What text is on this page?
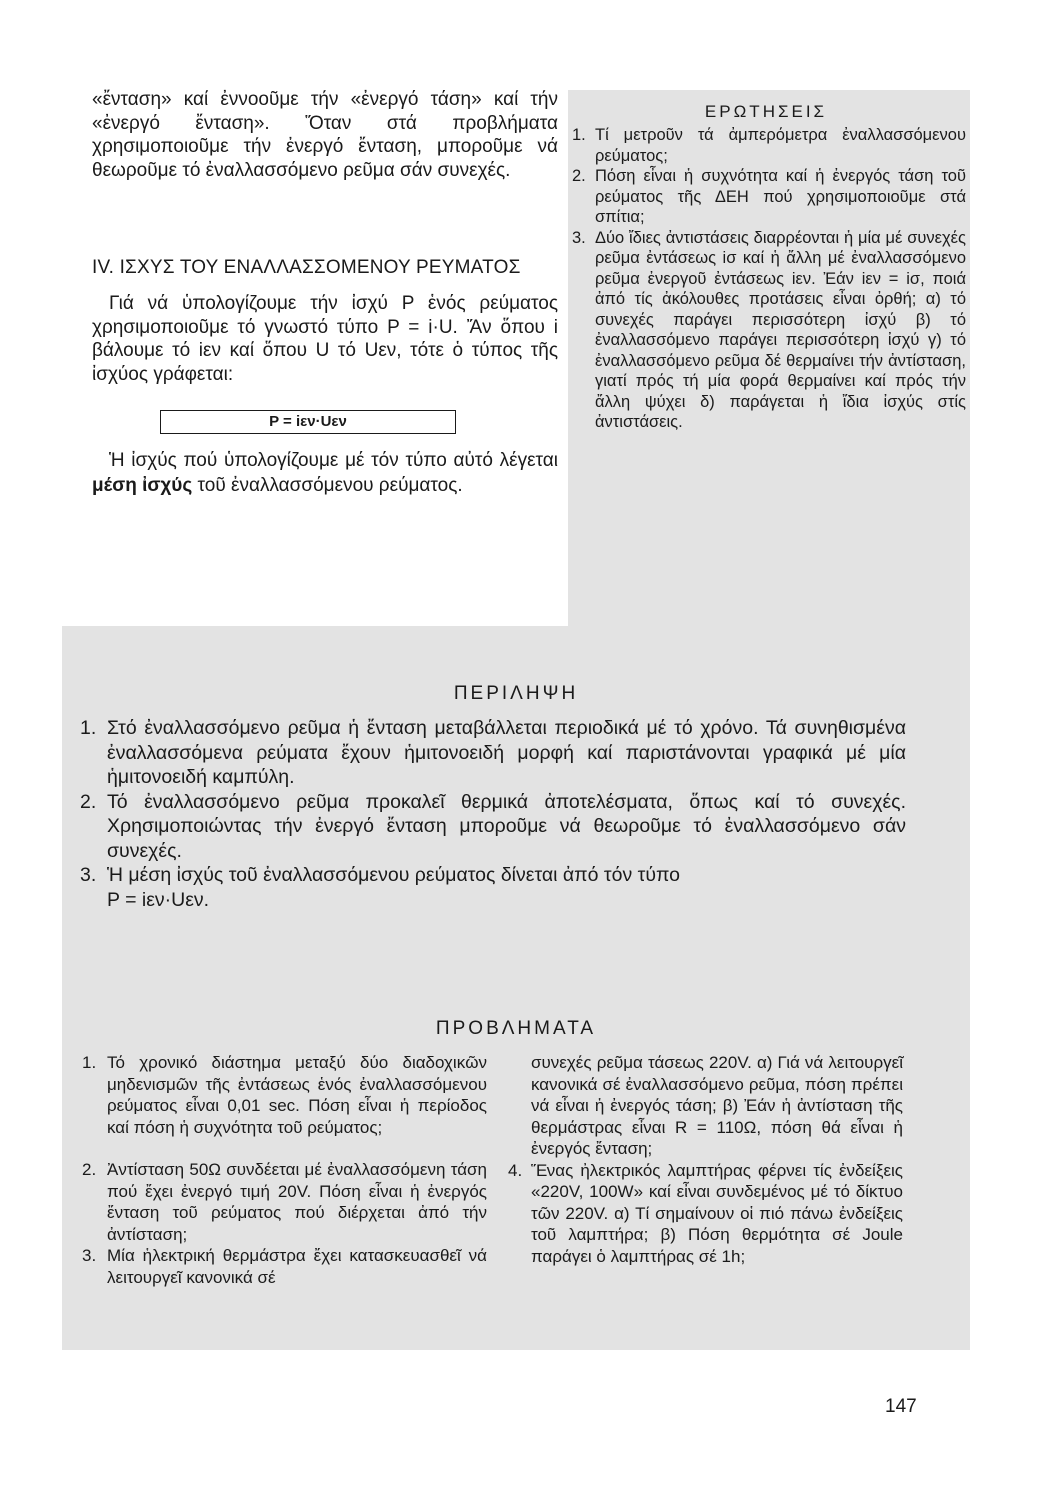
«ἔνταση» καί ἐννοοῦμε τήν «ἐνεργό τάση» καί τήν «ἐνεργό ἔνταση». Ὅταν στά προβλήματα χρησιμοποιοῦμε τήν ἐνεργό ἔνταση, μποροῦμε νά θεωροῦμε τό ἐναλλασσόμενο ρεῦμα σάν συνεχές.

IV. ΙΣΧΥΣ ΤΟΥ ΕΝΑΛΛΑΣΣΟΜΕΝΟΥ ΡΕΥΜΑΤΟΣ

Γιά νά ὑπολογίζουμε τήν ἰσχύ P ἑνός ρεύματος χρησιμοποιοῦμε τό γνωστό τύπο P = i·U. Ἄν ὅπου i βάλουμε τό iεν καί ὅπου U τό Uεν, τότε ὁ τύπος τῆς ἰσχύος γράφεται:

P = iεν·Uεν

Ἡ ἰσχύς πού ὑπολογίζουμε μέ τόν τύπο αὐτό λέγεται μέση ἰσχύς τοῦ ἐναλλασσόμενου ρεύματος.

ΕΡΩΤΗΣΕΙΣ
1. Τί μετροῦν τά ἀμπερόμετρα ἐναλλασσόμενου ρεύματος;
2. Πόση εἶναι ἡ συχνότητα καί ἡ ἐνεργός τάση τοῦ ρεύματος τῆς ΔΕΗ πού χρησιμοποιοῦμε στά σπίτια;
3. Δύο ἴδιες ἀντιστάσεις διαρρέονται ἡ μία μέ συνεχές ρεῦμα ἐντάσεως iσ καί ἡ ἄλλη μέ ἐναλλασσόμενο ρεῦμα ἐνεργοῦ ἐντάσεως iεν. Ἐάν iεν = iσ, ποιά ἀπό τίς ἀκόλουθες προτάσεις εἶναι ὀρθή; α) τό συνεχές παράγει περισσότερη ἰσχύ β) τό ἐναλλασσόμενο παράγει περισσότερη ἰσχύ γ) τό ἐναλλασσόμενο ρεῦμα δέ θερμαίνει τήν ἀντίσταση, γιατί πρός τή μία φορά θερμαίνει καί πρός τήν ἄλλη ψύχει δ) παράγεται ἡ ἴδια ἰσχύς στίς ἀντιστάσεις.
ΠΕΡΙΛΗΨΗ
1. Στό ἐναλλασσόμενο ρεῦμα ἡ ἔνταση μεταβάλλεται περιοδικά μέ τό χρόνο. Τά συνηθισμένα ἐναλλασσόμενα ρεύματα ἔχουν ἡμιτονοειδή μορφή καί παριστάνονται γραφικά μέ μία ἡμιτονοειδή καμπύλη.
2. Τό ἐναλλασσόμενο ρεῦμα προκαλεῖ θερμικά ἀποτελέσματα, ὅπως καί τό συνεχές. Χρησιμοποιώντας τήν ἐνεργό ἔνταση μποροῦμε νά θεωροῦμε τό ἐναλλασσόμενο σάν συνεχές.
3. Ἡ μέση ἰσχύς τοῦ ἐναλλασσόμενου ρεύματος δίνεται ἀπό τόν τύπο
P = iεν·Uεν.
ΠΡΟΒΛΗΜΑΤΑ
1. Τό χρονικό διάστημα μεταξύ δύο διαδοχικῶν μηδενισμῶν τῆς ἐντάσεως ἑνός ἐναλλασσόμενου ρεύματος εἶναι 0,01 sec. Πόση εἶναι ἡ περίοδος καί πόση ἡ συχνότητα τοῦ ρεύματος;
2. Ἀντίσταση 50Ω συνδέεται μέ ἐναλλασσόμενη τάση πού ἔχει ἐνεργό τιμή 20V. Πόση εἶναι ἡ ἐνεργός ἔνταση τοῦ ρεύματος πού διέρχεται ἀπό τήν ἀντίσταση;
3. Μία ἡλεκτρική θερμάστρα ἔχει κατασκευασθεῖ νά λειτουργεῖ κανονικά σέ
συνεχές ρεῦμα τάσεως 220V. α) Γιά νά λειτουργεῖ κανονικά σέ ἐναλλασσόμενο ρεῦμα, πόση πρέπει νά εἶναι ἡ ἐνεργός τάση; β) Ἐάν ἡ ἀντίσταση τῆς θερμάστρας εἶναι R = 110Ω, πόση θά εἶναι ἡ ἐνεργός ἔνταση;
4. Ἕνας ἠλεκτρικός λαμπτήρας φέρνει τίς ἐνδείξεις «220V, 100W» καί εἶναι συνδεμένος μέ τό δίκτυο τῶν 220V. α) Τί σημαίνουν οἱ πιό πάνω ἐνδείξεις τοῦ λαμπτήρα; β) Πόση θερμότητα σέ Joule παράγει ὁ λαμπτήρας σέ 1h;
147
